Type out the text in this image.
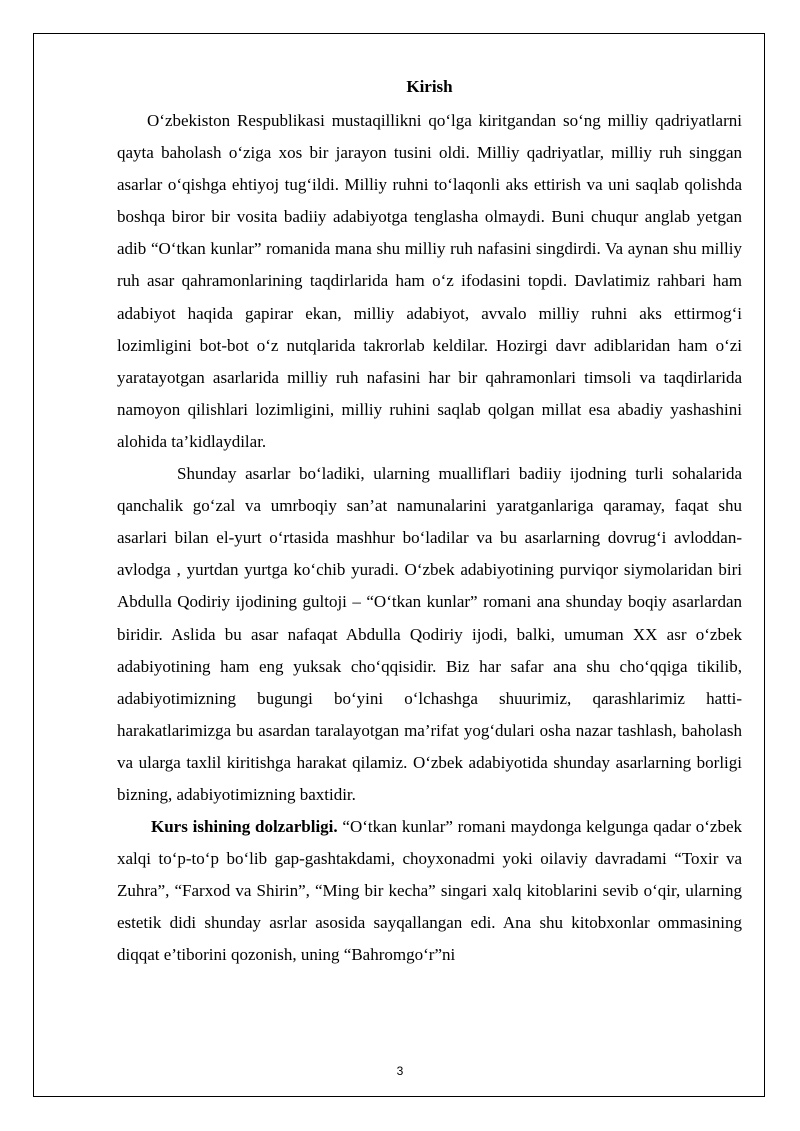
Kirish

O‘zbekiston Respublikasi mustaqillikni qo‘lga kiritgandan so‘ng milliy qadriyatlarni qayta baholash o‘ziga xos bir jarayon tusini oldi. Milliy qadriyatlar, milliy ruh singgan asarlar o‘qishga ehtiyoj tug‘ildi. Milliy ruhni to‘laqonli aks ettirish va uni saqlab qolishda boshqa biror bir vosita badiiy adabiyotga tenglasha olmaydi. Buni chuqur anglab yetgan adib “O‘tkan kunlar” romanida mana shu milliy ruh nafasini singdirdi. Va aynan shu milliy ruh asar qahramonlarining taqdirlarida ham o‘z ifodasini topdi. Davlatimiz rahbari ham adabiyot haqida gapirar ekan, milliy adabiyot, avvalo milliy ruhni aks ettirmog‘i lozimligini bot-bot o‘z nutqlarida takrorlab keldilar. Hozirgi davr adiblaridan ham o‘zi yaratayotgan asarlarida milliy ruh nafasini har bir qahramonlari timsoli va taqdirlarida namoyon qilishlari lozimligini, milliy ruhini saqlab qolgan millat esa abadiy yashashini alohida ta’kidlaydilar.

Shunday asarlar bo‘ladiki, ularning mualliflari badiiy ijodning turli sohalarida qanchalik go‘zal va umrboqiy san’at namunalarini yaratganlariga qaramay, faqat shu asarlari bilan el-yurt o‘rtasida mashhur bo‘ladilar va bu asarlarning dovrug‘i avloddan-avlodga , yurtdan yurtga ko‘chib yuradi. O‘zbek adabiyotining purviqor siymolaridan biri Abdulla Qodiriy ijodining gultoji – “O‘tkan kunlar” romani ana shunday boqiy asarlardan biridir. Aslida bu asar nafaqat Abdulla Qodiriy ijodi, balki, umuman XX asr o‘zbek adabiyotining ham eng yuksak cho‘qqisidir. Biz har safar ana shu cho‘qqiga tikilib, adabiyotimizning bugungi bo‘yini o‘lchashga shuurimiz, qarashlarimiz hatti-harakatlarimizga bu asardan taralayotgan ma’rifat yog‘dulari osha nazar tashlash, baholash va ularga taxlil kiritishga harakat qilamiz. O‘zbek adabiyotida shunday asarlarning borligi bizning, adabiyotimizning baxtidir.

Kurs ishining dolzarbligi. “O‘tkan kunlar” romani maydonga kelgunga qadar o‘zbek xalqi to‘p-to‘p bo‘lib gap-gashtakdami, choyxonadmi yoki oilaviy davradami “Toxir va Zuhra”, “Farxod va Shirin”, “Ming bir kecha” singari xalq kitoblarini sevib o‘qir, ularning estetik didi shunday asrlar asosida sayqallangan edi. Ana shu kitobxonlar ommasining diqqat e’tiborini qozonish, uning “Bahromgo‘r”ni

3
